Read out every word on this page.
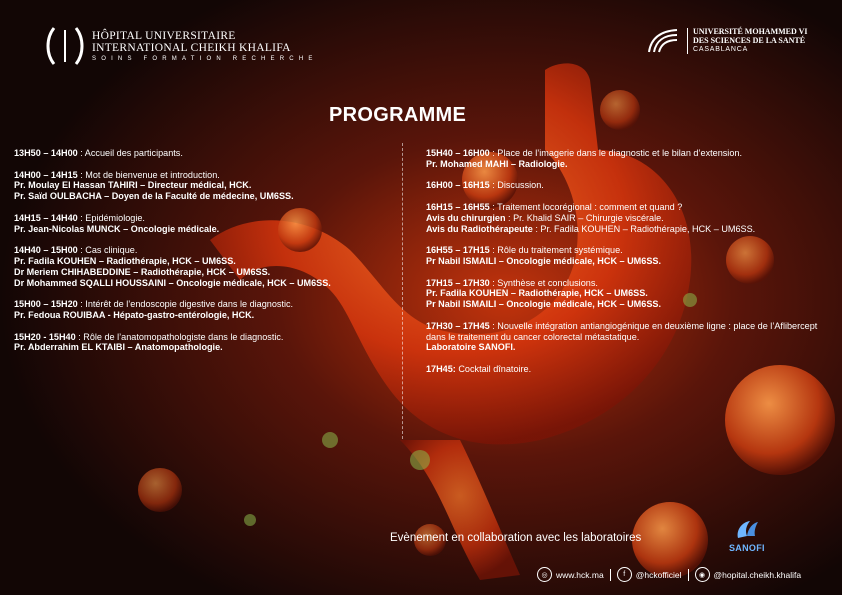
HÔPITAL UNIVERSITAIRE
INTERNATIONAL CHEIKH KHALIFA
SOINS FORMATION RECHERCHE
UNIVERSITÉ MOHAMMED VI
DES SCIENCES DE LA SANTÉ
CASABLANCA
PROGRAMME
13H50 – 14H00 : Accueil des participants.
14H00 – 14H15 : Mot de bienvenue et introduction.
Pr. Moulay El Hassan TAHIRI – Directeur médical, HCK.
Pr. Saïd OULBACHA – Doyen de la Faculté de médecine, UM6SS.
14H15 – 14H40 : Epidémiologie.
Pr. Jean-Nicolas MUNCK – Oncologie médicale.
14H40 – 15H00 : Cas clinique.
Pr. Fadila KOUHEN – Radiothérapie, HCK – UM6SS.
Dr Meriem CHIHABEDDINE – Radiothérapie, HCK – UM6SS.
Dr Mohammed SQALLI HOUSSAINI – Oncologie médicale, HCK – UM6SS.
15H00 – 15H20 : Intérêt de l’endoscopie digestive dans le diagnostic.
Pr. Fedoua ROUIBAA - Hépato-gastro-entérologie, HCK.
15H20 - 15H40 : Rôle de l’anatomopathologiste dans le diagnostic.
Pr. Abderrahim EL KTAIBI – Anatomopathologie.
15H40 – 16H00 : Place de l’imagerie dans le diagnostic et le bilan d’extension.
Pr. Mohamed MAHI – Radiologie.
16H00 – 16H15 : Discussion.
16H15 – 16H55 : Traitement locorégional : comment et quand ?
Avis du chirurgien : Pr. Khalid SAIR – Chirurgie viscérale.
Avis du Radiothérapeute : Pr. Fadila KOUHEN – Radiothérapie, HCK – UM6SS.
16H55 – 17H15 : Rôle du traitement systémique.
Pr Nabil ISMAILI – Oncologie médicale, HCK – UM6SS.
17H15 – 17H30 : Synthèse et conclusions.
Pr. Fadila KOUHEN – Radiothérapie, HCK – UM6SS.
Pr Nabil ISMAILI – Oncologie médicale, HCK – UM6SS.
17H30 – 17H45 : Nouvelle intégration antiangiogénique en deuxième ligne : place de l’Aflibercept dans le traitement du cancer colorectal métastatique.
Laboratoire SANOFI.
17H45: Cocktail dînatoire.
Evènement en collaboration avec les laboratoires
SANOFI
◎ www.hck.ma	f	@hckofficiel	◉ @hopital.cheikh.khalifa
